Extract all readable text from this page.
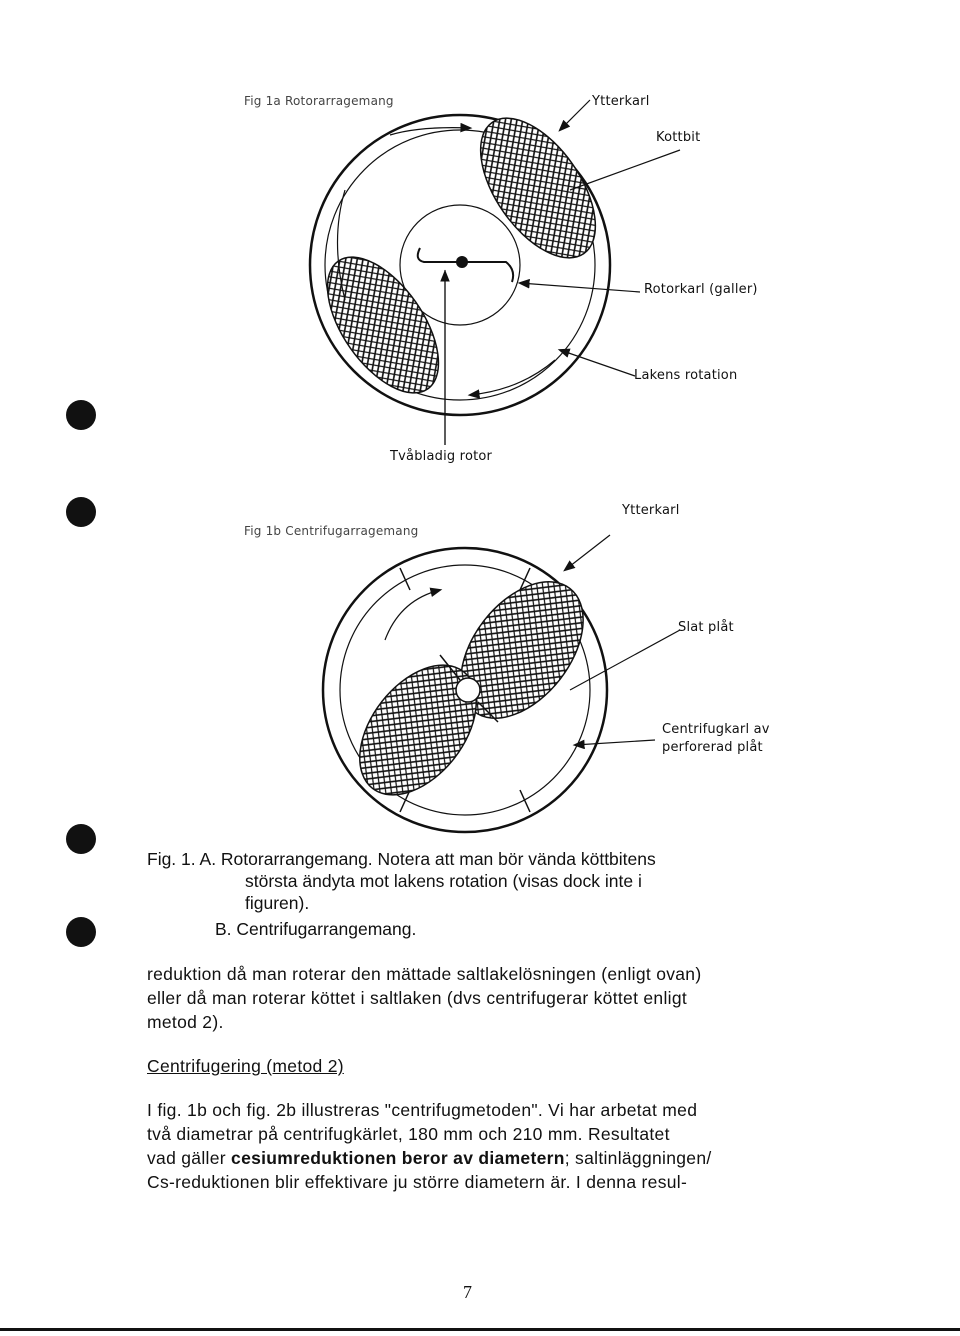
Fig 1a Rotorarragemang	Ytterkarl
Kottbit
Rotorkarl (galler)
Lakens rotation
Tvåbladig rotor
Fig 1b Centrifugarragemang
Ytterkarl
Slat plåt
Centrifugkarl av
perforerad plåt
Fig. 1. A. Rotorarrangemang. Notera att man bör vända köttbitens
största ändyta mot lakens rotation (visas dock inte i
figuren).
B. Centrifugarrangemang.
reduktion då man roterar den mättade saltlakelösningen (enligt ovan)
eller då man roterar köttet i saltlaken (dvs centrifugerar köttet enligt
metod 2).
Centrifugering (metod 2)
I fig. 1b och fig. 2b illustreras "centrifugmetoden". Vi har arbetat med
två diametrar på centrifugkärlet, 180 mm och 210 mm. Resultatet
vad gäller cesiumreduktionen beror av diametern; saltinläggningen/
Cs-reduktionen blir effektivare ju större diametern är. I denna resul-
7
